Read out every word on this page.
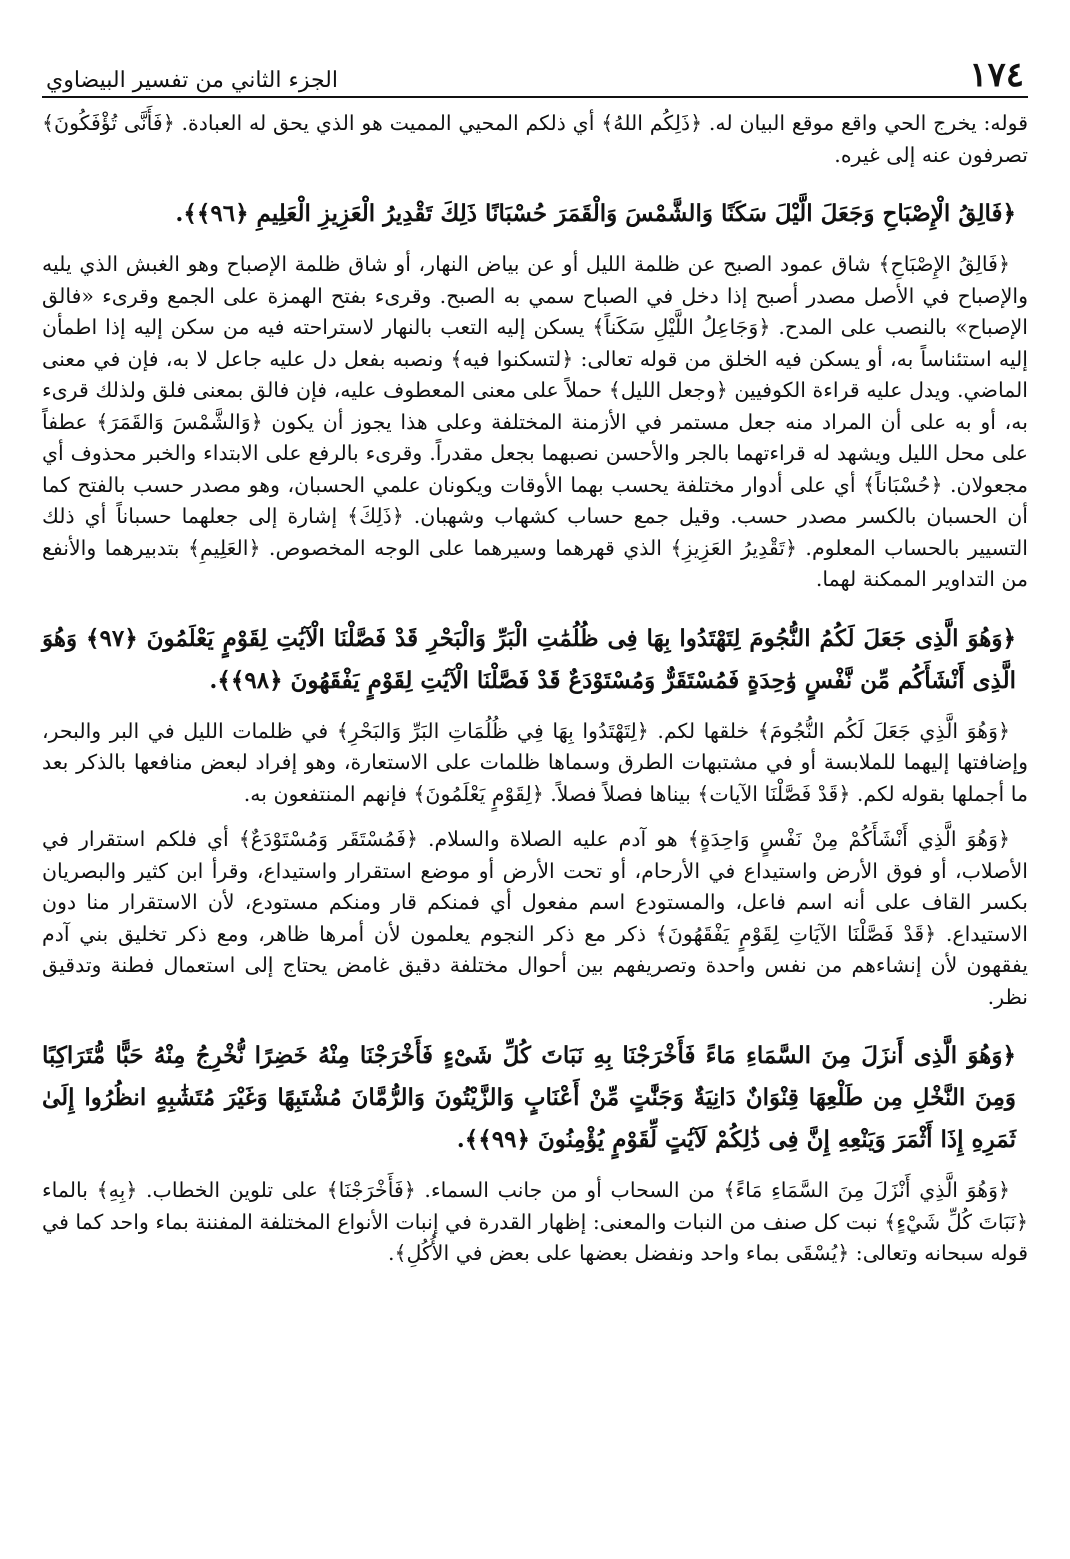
١٧٤
الجزء الثاني من تفسير البيضاوي

قوله: يخرج الحي واقع موقع البيان له. ﴿ذَلِكُم اللهُ﴾ أي ذلكم المحيي المميت هو الذي يحق له العبادة. ﴿فَأَنَّى تُؤْفَكُونَ﴾ تصرفون عنه إلى غيره.

﴿فَالِقُ الْإِصْبَاحِ وَجَعَلَ الَّيْلَ سَكَنًا وَالشَّمْسَ وَالْقَمَرَ حُسْبَانًا ذَلِكَ تَقْدِيرُ الْعَزِيزِ الْعَلِيمِ ﴿٩٦﴾﴾.

﴿فَالِقُ الإِصْبَاحِ﴾ شاق عمود الصبح عن ظلمة الليل أو عن بياض النهار، أو شاق ظلمة الإصباح وهو الغبش الذي يليه والإصباح في الأصل مصدر أصبح إذا دخل في الصباح سمي به الصبح. وقرىء بفتح الهمزة على الجمع وقرىء «فالق الإصباح» بالنصب على المدح. ﴿وَجَاعِلُ اللَّيْلِ سَكَناً﴾ يسكن إليه التعب بالنهار لاستراحته فيه من سكن إليه إذا اطمأن إليه استئناساً به، أو يسكن فيه الخلق من قوله تعالى: ﴿لتسكنوا فيه﴾ ونصبه بفعل دل عليه جاعل لا به، فإن في معنى الماضي. ويدل عليه قراءة الكوفيين ﴿وجعل الليل﴾ حملاً على معنى المعطوف عليه، فإن فالق بمعنى فلق ولذلك قرىء به، أو به على أن المراد منه جعل مستمر في الأزمنة المختلفة وعلى هذا يجوز أن يكون ﴿وَالشَّمْسَ وَالقَمَرَ﴾ عطفاً على محل الليل ويشهد له قراءتهما بالجر والأحسن نصبهما بجعل مقدراً. وقرىء بالرفع على الابتداء والخبر محذوف أي مجعولان. ﴿حُسْبَاناً﴾ أي على أدوار مختلفة يحسب بهما الأوقات ويكونان علمي الحسبان، وهو مصدر حسب بالفتح كما أن الحسبان بالكسر مصدر حسب. وقيل جمع حساب كشهاب وشهبان. ﴿ذَلِكَ﴾ إشارة إلى جعلهما حسباناً أي ذلك التسيير بالحساب المعلوم. ﴿تَقْدِيرُ العَزِيزِ﴾ الذي قهرهما وسيرهما على الوجه المخصوص. ﴿العَلِيمِ﴾ بتدبيرهما والأنفع من التداوير الممكنة لهما.

﴿وَهُوَ الَّذِى جَعَلَ لَكُمُ النُّجُومَ لِتَهْتَدُوا بِهَا فِى ظُلُمَٰتِ الْبَرِّ وَالْبَحْرِ قَدْ فَصَّلْنَا الْآيَٰتِ لِقَوْمٍ يَعْلَمُونَ ﴿٩٧﴾ وَهُوَ الَّذِى أَنْشَأَكُم مِّن نَّفْسٍ وَٰحِدَةٍ فَمُسْتَقَرٌّ وَمُسْتَوْدَعٌ قَدْ فَصَّلْنَا الْآيَٰتِ لِقَوْمٍ يَفْقَهُونَ ﴿٩٨﴾﴾.

﴿وَهُوَ الَّذِي جَعَلَ لَكُم النُّجُومَ﴾ خلقها لكم. ﴿لِتَهْتَدُوا بِهَا فِي ظُلُمَاتِ البَرِّ وَالبَحْرِ﴾ في ظلمات الليل في البر والبحر، وإضافتها إليهما للملابسة أو في مشتبهات الطرق وسماها ظلمات على الاستعارة، وهو إفراد لبعض منافعها بالذكر بعد ما أجملها بقوله لكم. ﴿قَدْ فَصَّلْنَا الآيات﴾ بيناها فصلاً فصلاً. ﴿لِقَوْمٍ يَعْلَمُونَ﴾ فإنهم المنتفعون به.

﴿وَهُوَ الَّذِي أَنْشَأَكُمْ مِنْ نَفْسٍ وَاحِدَةٍ﴾ هو آدم عليه الصلاة والسلام. ﴿فَمُسْتَقَر وَمُسْتَوْدَعٌ﴾ أي فلكم استقرار في الأصلاب، أو فوق الأرض واستيداع في الأرحام، أو تحت الأرض أو موضع استقرار واستيداع، وقرأ ابن كثير والبصريان بكسر القاف على أنه اسم فاعل، والمستودع اسم مفعول أي فمنكم قار ومنكم مستودع، لأن الاستقرار منا دون الاستيداع. ﴿قَدْ فَصَّلْنَا الآيَاتِ لِقَوْمٍ يَفْقَهُونَ﴾ ذكر مع ذكر النجوم يعلمون لأن أمرها ظاهر، ومع ذكر تخليق بني آدم يفقهون لأن إنشاءهم من نفس واحدة وتصريفهم بين أحوال مختلفة دقيق غامض يحتاج إلى استعمال فطنة وتدقيق نظر.

﴿وَهُوَ الَّذِى أَنزَلَ مِنَ السَّمَاءِ مَاءً فَأَخْرَجْنَا بِهِ نَبَاتَ كُلِّ شَىْءٍ فَأَخْرَجْنَا مِنْهُ خَضِرًا نُّخْرِجُ مِنْهُ حَبًّا مُّتَرَاكِبًا وَمِنَ النَّخْلِ مِن طَلْعِهَا قِنْوَانٌ دَانِيَةٌ وَجَنَّٰتٍ مِّنْ أَعْنَابٍ وَالزَّيْتُونَ وَالرُّمَّانَ مُشْتَبِهًا وَغَيْرَ مُتَشَٰبِهٍ انظُرُوا إِلَىٰ ثَمَرِهِ إِذَا أَثْمَرَ وَيَنْعِهِ إِنَّ فِى ذَٰلِكُمْ لَآيَٰتٍ لِّقَوْمٍ يُؤْمِنُونَ ﴿٩٩﴾﴾.

﴿وَهُوَ الَّذِي أَنْزَلَ مِنَ السَّمَاءِ مَاءً﴾ من السحاب أو من جانب السماء. ﴿فَأَخْرَجْنَا﴾ على تلوين الخطاب. ﴿بِهِ﴾ بالماء ﴿نَبَاتَ كُلِّ شَيْءٍ﴾ نبت كل صنف من النبات والمعنى: إظهار القدرة في إنبات الأنواع المختلفة المفننة بماء واحد كما في قوله سبحانه وتعالى: ﴿يُسْقَى بماء واحد ونفضل بعضها على بعض في الأُكُلِ﴾.
